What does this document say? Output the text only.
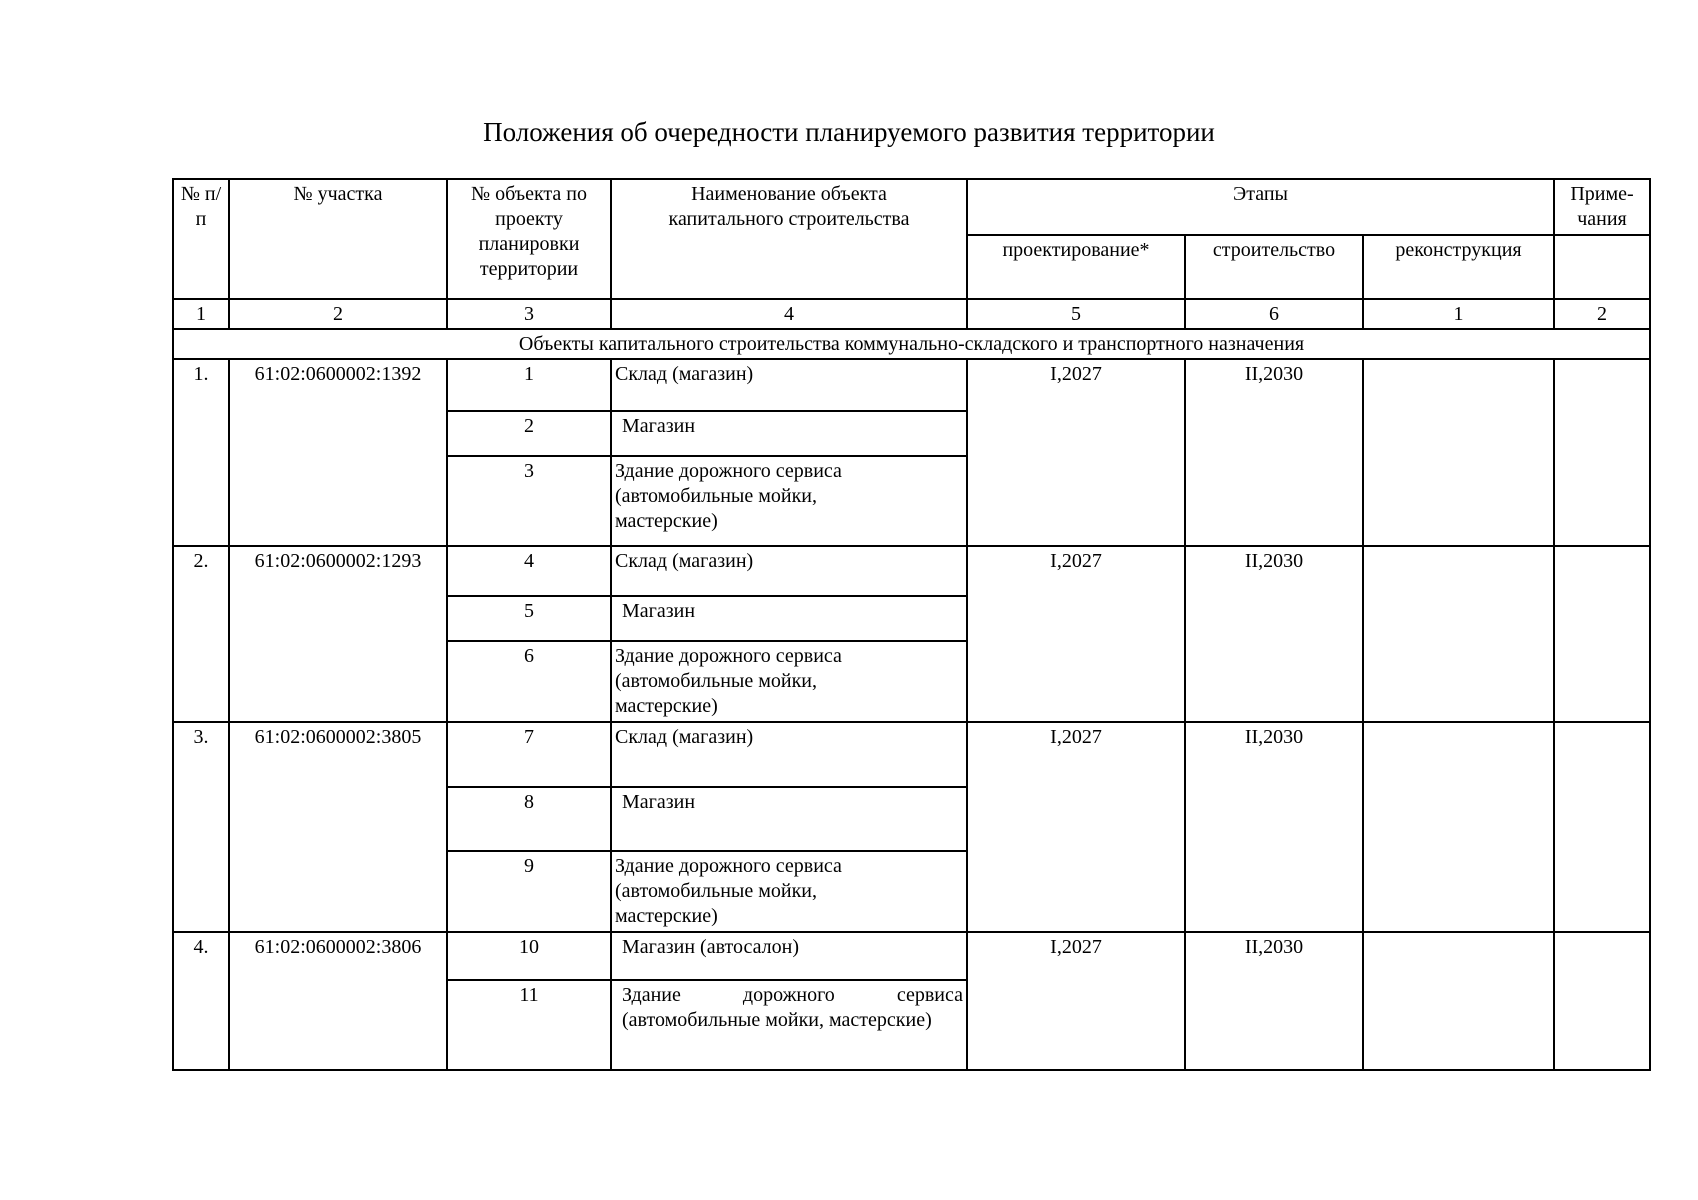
Положения об очередности планируемого развития территории
№ п/п	№ участка	№ объекта по проекту планировки территории	Наименование объекта капитального строительства	Этапы			Приме-чания
				проектирование*	строительство	реконструкция	
1	2	3	4	5	6	1	2
Объекты капитального строительства коммунально-складского и транспортного назначения							
1.	61:02:0600002:1392	1	Склад (магазин)	I,2027	II,2030		
		2	Магазин				
		3	Здание дорожного сервиса (автомобильные мойки, мастерские)				

2.	61:02:0600002:1293	4	Склад (магазин)	I,2027	II,2030		
		5	Магазин				
		6	Здание дорожного сервиса (автомобильные мойки, мастерские)				

3.	61:02:0600002:3805	7	Склад (магазин)	I,2027	II,2030		
		8	Магазин				
		9	Здание дорожного сервиса (автомобильные мойки, мастерские)				

4.	61:02:0600002:3806	10	Магазин (автосалон)	I,2027	II,2030		
		11	Здание дорожного сервиса (автомобильные мойки, мастерские)				
